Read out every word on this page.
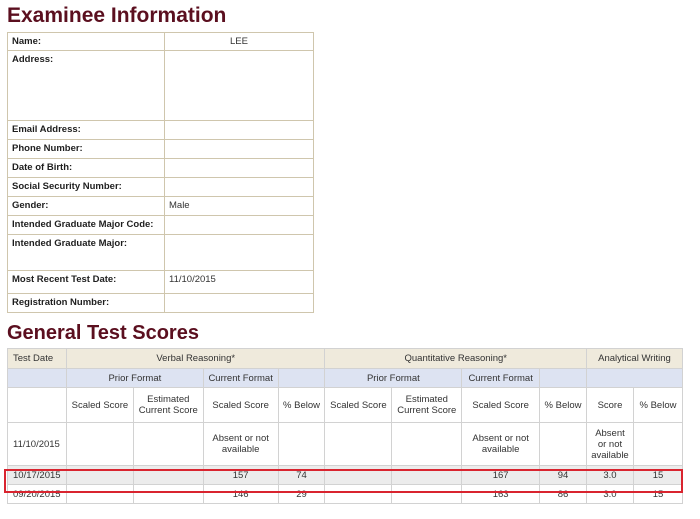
Examinee Information
Name:	LEE
Address:	
Email Address:	
Phone Number:	
Date of Birth:	
Social Security Number:	
Gender:	Male
Intended Graduate Major Code:	
Intended Graduate Major:	
Most Recent Test Date:	11/10/2015
Registration Number:	
General Test Scores
Test Date	Verbal Reasoning*				Quantitative Reasoning*				Analytical Writing	
	Prior Format		Current Format		Prior Format		Current Format			
	Scaled Score	Estimated Current Score	Scaled Score	% Below	Scaled Score	Estimated Current Score	Scaled Score	% Below	Score	% Below
11/10/2015			Absent or not available				Absent or not available		Absent or not available	
10/17/2015			157	74			167	94	3.0	15
09/20/2015			146	29			163	86	3.0	15
